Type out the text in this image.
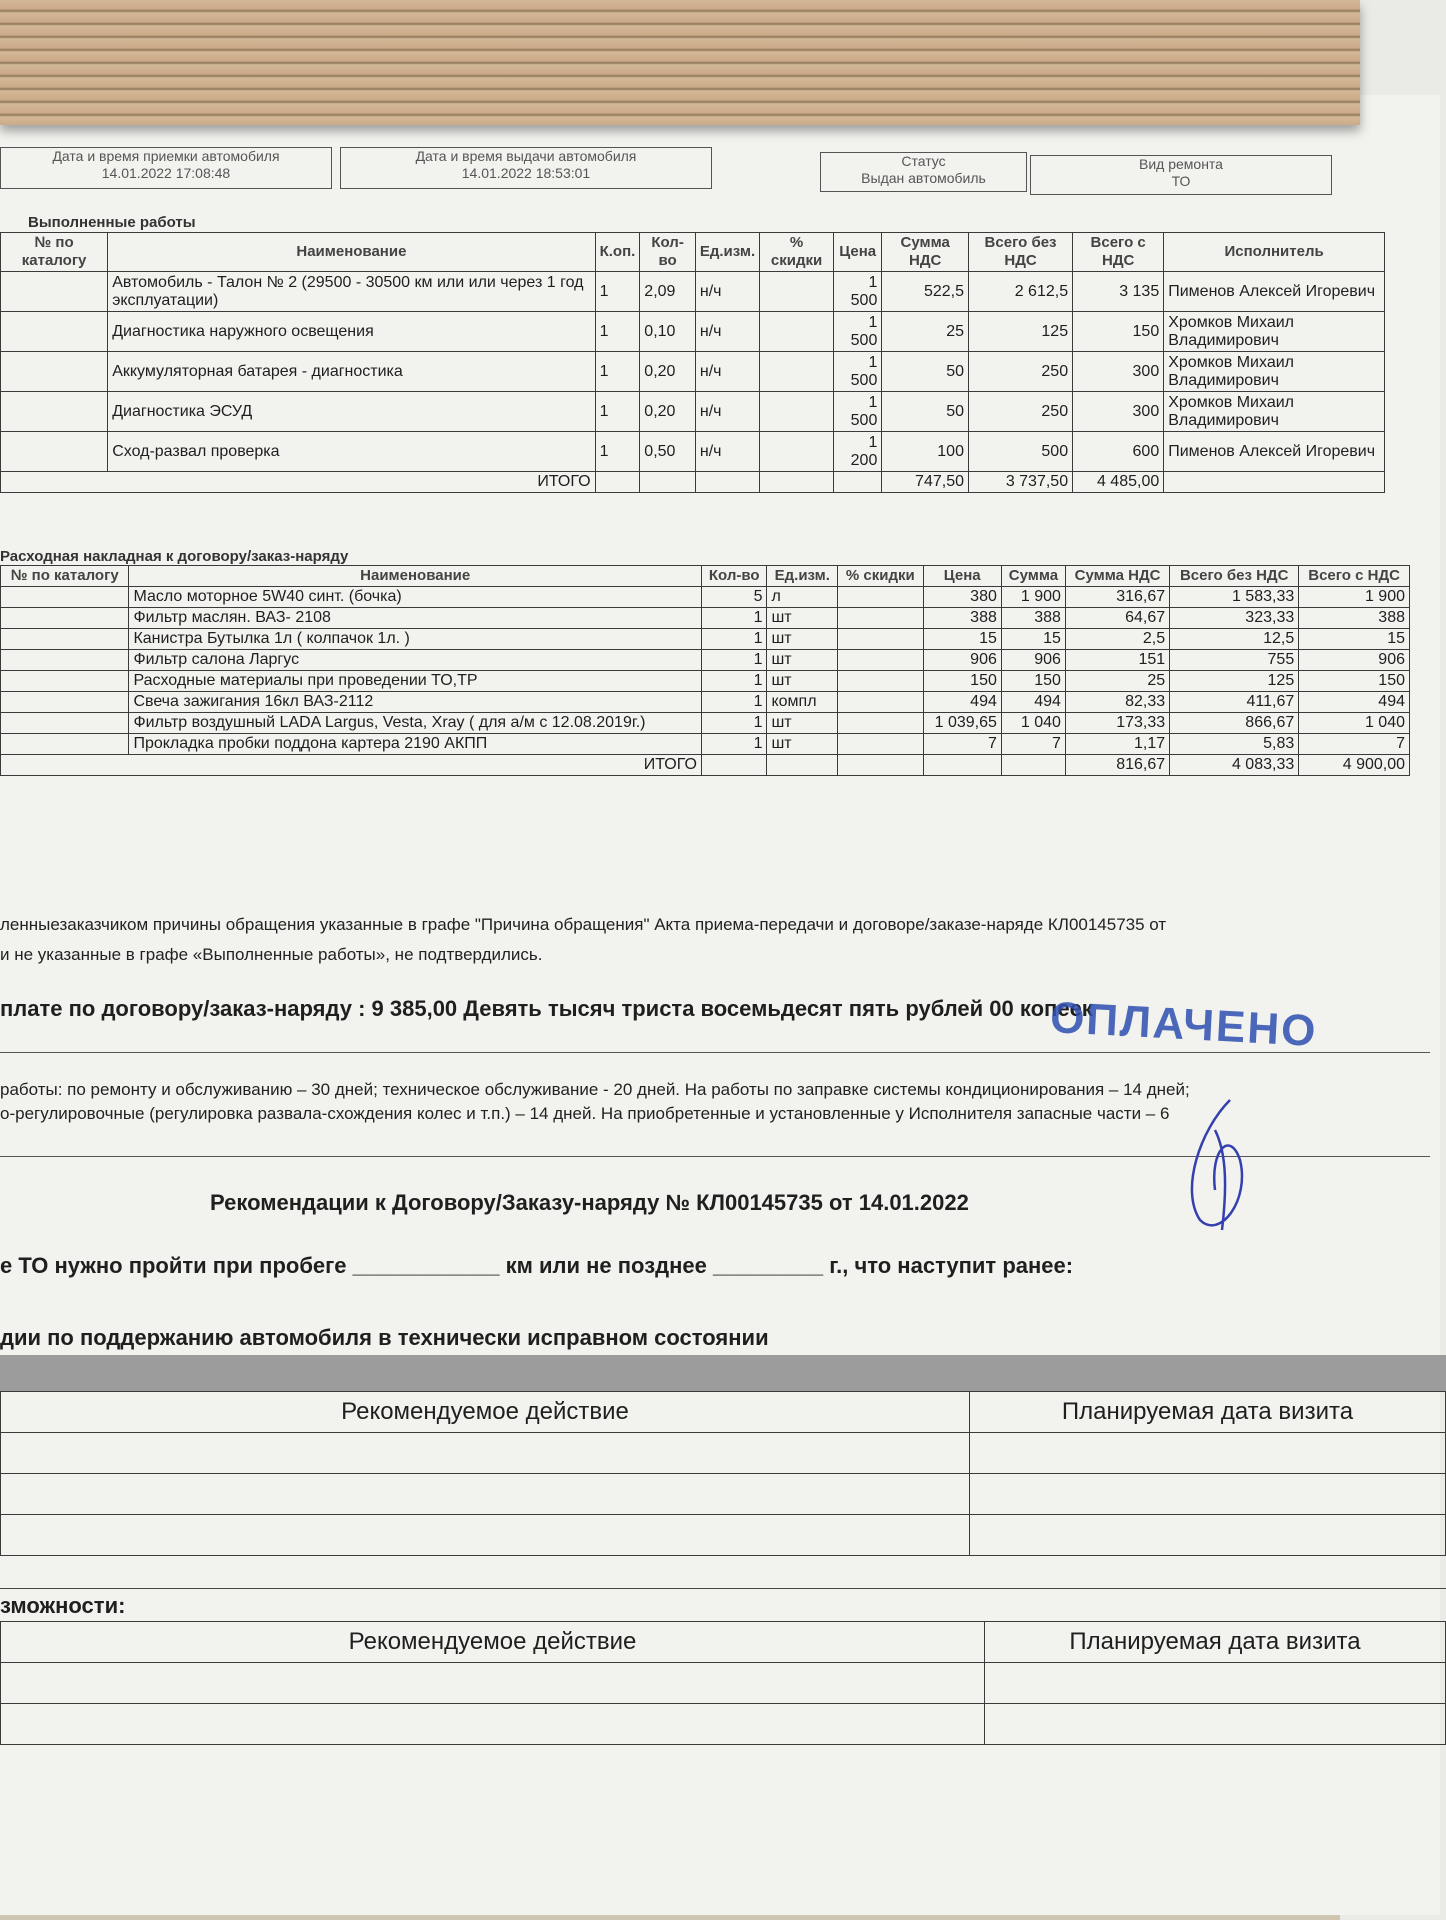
Дата и время приемки автомобиля
14.01.2022 17:08:48
Дата и время выдачи автомобиля
14.01.2022 18:53:01
Статус
Выдан автомобиль
Вид ремонта
ТО
Выполненные работы
№ по каталогу	Наименование	К.оп.	Кол-во	Ед.изм.	% скидки	Цена	Сумма НДС	Всего без НДС	Всего с НДС	Исполнитель
	Автомобиль - Талон № 2 (29500 - 30500 км или или через 1 год эксплуатации)	1	2,09	н/ч		1 500	522,5	2 612,5	3 135	Пименов Алексей Игоревич
	Диагностика наружного освещения	1	0,10	н/ч		1 500	25	125	150	Хромков Михаил Владимирович
	Аккумуляторная батарея - диагностика	1	0,20	н/ч		1 500	50	250	300	Хромков Михаил Владимирович
	Диагностика ЭСУД	1	0,20	н/ч		1 500	50	250	300	Хромков Михаил Владимирович
	Сход-развал проверка	1	0,50	н/ч		1 200	100	500	600	Пименов Алексей Игоревич
ИТОГО							747,50	3 737,50	4 485,00	
Расходная накладная к договору/заказ-наряду
№ по каталогу	Наименование	Кол-во	Ед.изм.	% скидки	Цена	Сумма	Сумма НДС	Всего без НДС	Всего с НДС
	Масло моторное 5W40 синт. (бочка)	5	л		380	1 900	316,67	1 583,33	1 900
	Фильтр маслян. ВАЗ- 2108	1	шт		388	388	64,67	323,33	388
	Канистра Бутылка 1л ( колпачок 1л. )	1	шт		15	15	2,5	12,5	15
	Фильтр салона Ларгус	1	шт		906	906	151	755	906
	Расходные материалы при проведении ТО,ТР	1	шт		150	150	25	125	150
	Свеча зажигания 16кл ВАЗ-2112	1	компл		494	494	82,33	411,67	494
	Фильтр воздушный LADA Largus, Vesta, Xray ( для а/м с 12.08.2019г.)	1	шт		1 039,65	1 040	173,33	866,67	1 040
	Прокладка пробки поддона картера 2190 АКПП	1	шт		7	7	1,17	5,83	7
ИТОГО							816,67	4 083,33	4 900,00
ленныезаказчиком причины обращения указанные в графе "Причина обращения" Акта приема-передачи и договоре/заказе-наряде КЛ00145735 от
и не указанные в графе «Выполненные работы», не подтвердились.
плате по договору/заказ-наряду : 9 385,00 Девять тысяч триста восемьдесят пять рублей 00 копеек
работы: по ремонту и обслуживанию – 30 дней; техническое обслуживание - 20 дней. На работы по заправке системы кондиционирования – 14 дней;
о-регулировочные (регулировка развала-схождения колес и т.п.) – 14 дней. На приобретенные и установленные у Исполнителя запасные части – 6
ОПЛАЧЕНО
Рекомендации к Договору/Заказу-наряду № КЛ00145735 от 14.01.2022
е ТО нужно пройти при пробеге ____________ км или не позднее _________ г., что наступит ранее:
дии по поддержанию автомобиля в технически исправном состоянии
Рекомендуемое действие	Планируемая дата визита

зможности:
Рекомендуемое действие	Планируемая дата визита
